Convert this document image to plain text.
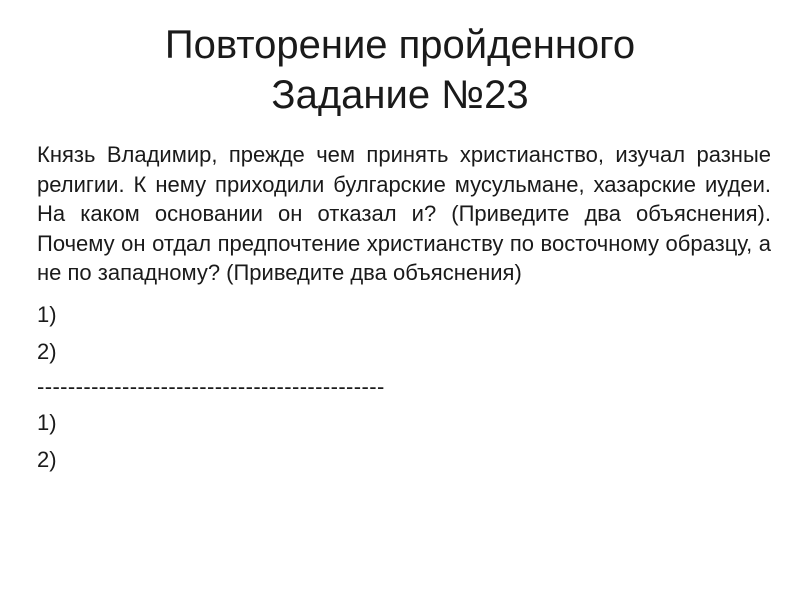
Повторение пройденного
Задание №23

Князь Владимир, прежде чем принять христианство, изучал разные религии. К нему приходили булгарские мусульмане, хазарские иудеи. На каком основании он отказал и? (Приведите два объяснения). Почему он отдал предпочтение христианству по восточному образцу, а не по западному? (Приведите два объяснения)

1)

2)

---------------------------------------------

1)

2)
